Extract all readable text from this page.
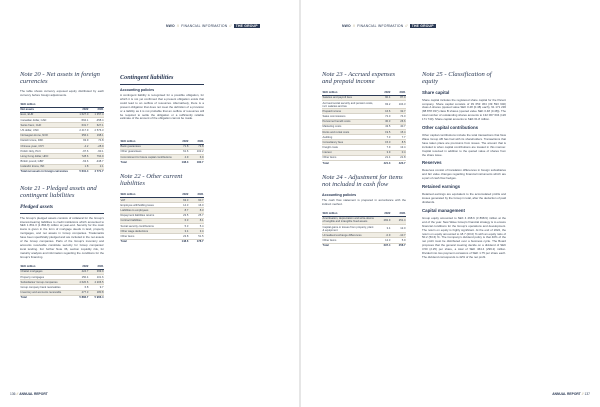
NWO // FINANCIAL INFORMATION // THE GROUP
Note 20 - Net assets in foreign currencies

The table shows currency exposed equity distributed by each currency before foreign adjustments.

SEK million		
Net assets	2022	2021
Euro, EUR	1 627.0	1 357.4
Canadian dollar, CAD	-594.1	-358.4
Swiss franc, CHF	631.7	627.1
US dollar, USD	2 417.9	2 576.3
Norwegian krone, NOK	356.4	198.1
Danish krone, DKK	93.9	74.8
Chinese yuan, CNY	-4.2	-28.9
Polish zloty, PLN	-97.6	-60.1
Hong Kong dollar, HKD	728.6	794.9
British pound, GBP	-63.6	-348.7
Icelandic krona, ISK	1.8	2.1
Total net assets in foreign currencies	5 631.4	4 771.7
Note 21 - Pledged assets and contingent liabilities
Pledged assets

The Group's pledged assets consists of collateral for the Group's interest-bearing liabilities to credit institutions which amounted to SEK 1 861.3 (1 894.8) million at year-end. Security for the main loans is given in the form of mortgage deeds in land, property mortgages, and net assets in Group companies. Trademarks have been specifically pledged and are included in the net assets of the Group companies. Parts of the Group's inventory and accounts receivable constitute security for Group companies' local lending. For further Note 36, section Liquidity risk, for maturity analysis and information regarding the conditions for the Group's financing.

SEK million	2022	2021
Chattel mortgages	424.7	399.9
Property mortgages	150.4	101.6
Subsidiaries' Group companies	4 620.6	4 206.5
Group company bank receivables	6.8	9.7
Inventory and accounts receivable	477.3	180.8
Total	5 882.7	5 966.4
Contingent liabilities
Accounting policies

A contingent liability is recognised for a possible obligation, for which it is not yet confirmed that a present obligation exists that could lead to an outflow of resources. Alternatively, there is a present obligation that does not meet the definition of a provision or a liability as it is not probable that an outflow of resources will be required to settle the obligation or a sufficiently reliable estimate of the amount of the obligation cannot be made.

SEK million	2022	2021
Bank guarantees	71.8	73.8
Other guarantees	61.6	102.2
Commitment for future capital contributions	4.9	6.9
Total	138.3	182.7
Note 22 - Other current liabilities
SEK million	2022	2021
VAT	63.3	60.7
Employee withholding taxes	14.3	16.0
Liabilities to employees	8.7	8.3
Repayment liabilities returns	23.5	25.7
Contract liabilities	6.3	8.1
Social security contributions	5.3	5.4
Other wage deductions	3.4	3.4
Other items	23.8	51.5
Total	148.6	178.7
136 // ANNUAL REPORT
NWO // FINANCIAL INFORMATION // THE GROUP
Note 23 - Accrued expenses and prepaid income
SEK million	2022	2021
Salaries and payroll fees	90.4	87.0
Accrued social security and pension costs, incl. salaries and tax	93.2	104.3
Prepaid income	16.6	32.7
Sales commissions	72.0	74.0
Personnel benefit costs	30.3	26.6
Marketing costs	43.5	40.7
Rents and rental costs	19.5	15.4
Auditing	7.3	7.7
Consultancy fees	15.0	8.5
Freight costs	7.9	13.4
Interest	3.9	0.4
Other items	21.4	21.8
Total	421.3	423.7
Note 24 - Adjustment for items not included in cash flow
Accounting policies

The cash flow statement is prepared in accordance with the indirect method.

SEK million	2022	2021
Amortisation, depreciation and write-downs of tangible and intangible fixed assets	282.9	251.4
Capital gains or losses from property, plant & equipment	3.4	12.0
Unrealised exchange differences	-0.9	-10.7
Other items	12.3	5.9
Total	297.4	258.7
Note 25 - Classification of equity
Share capital

Share capital includes the registered share capital for the Parent company. Share capital consists of 39 653 364 (39 593 640) class A shares (quoted value SEK 0.48 (0.48) each), 91 171 236 (88 878 037) class B shares (quoted value SEK 0.48 (0.48)). The total number of outstanding shares amounts to 132 067 604 (126 171 740). Share capital amounts to SEK 61.8 million.

Other capital contributions

Other capital contributions include the total transactions that New Wave Group AB has had with its shareholders. Transactions that have taken place are premiums from issues. The amount that is included is when capital contributions are treated in this manner. Capital received in addition to the quoted value of shares from the share issue.

Reserves

Reserves consist of translation differences in foreign subsidiaries and fair value changes regarding financial instruments which are a part of cash flow hedges.

Retained earnings

Retained earnings are equivalent to the accumulated profits and losses generated by the Group in total, after the deduction of paid dividends.

Capital management

Group equity amounted to SEK 4 468.6 (3 898.9) million at the end of the year. New Wave Group's financial strategy is to ensure financial conditions for the Group's operations and development. The return on equity is highly significant. At the end of 2022, the return on equity amounted to 18.7 (20.0) % with an equity ratio of 50.2 (53.6) %. The Company's dividend policy is that 40% of the net profit must be distributed over a business cycle. The Board proposes that the general meeting decide on a dividend of SEK 3.50 (2.25) per share, a total of SEK 464.4 (296.2) million. Divided into two payment occasions of SEK 1.75 per share each. The dividend corresponds to 42% of the net profit.

ANNUAL REPORT // 137
